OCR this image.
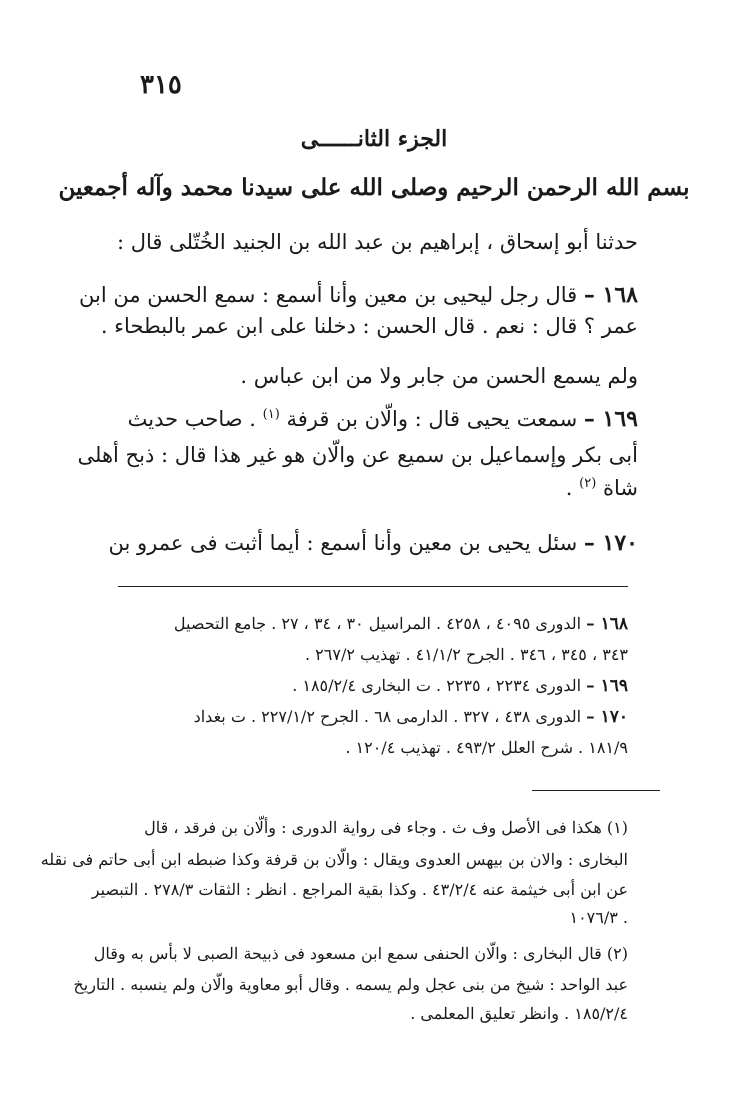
٣١٥
الجزء الثانــــــى
بسم الله الرحمن الرحيم وصلى الله على سيدنا محمد وآله أجمعين
حدثنا أبو إسحاق ، إبراهيم بن عبد الله بن الجنيد الخُتّلى قال :
١٦٨ – قال رجل ليحيى بن معين وأنا أسمع : سمع الحسن من ابن
عمر ؟ قال : نعم . قال الحسن : دخلنا على ابن عمر بالبطحاء .
ولم يسمع الحسن من جابر ولا من ابن عباس .
١٦٩ – سمعت يحيى قال : والّان بن قرفة $^{(١)}$ . صاحب حديث
أبى بكر وإسماعيل بن سميع عن والّان هو غير هذا قال : ذبح أهلى
شاة $^{(٢)}$ .
١٧٠ – سئل يحيى بن معين وأنا أسمع : أيما أثبت فى عمرو بن
١٦٨ – الدورى ٤٠٩٥ ، ٤٢٥٨ . المراسيل ٣٠ ، ٣٤ ، ٢٧ . جامع التحصيل
٣٤٣ ، ٣٤٥ ، ٣٤٦ . الجرح ٤١/١/٢ . تهذيب ٢٦٧/٢ .
١٦٩ – الدورى ٢٢٣٤ ، ٢٢٣٥ . ت البخارى ١٨٥/٢/٤ .
١٧٠ – الدورى ٤٣٨ ، ٣٢٧ . الدارمى ٦٨ . الجرح ٢٢٧/١/٢ . ت بغداد
١٨١/٩ . شرح العلل ٤٩٣/٢ . تهذيب ١٢٠/٤ .
(١) هكذا فى الأصل وف ث . وجاء فى رواية الدورى : وألّان بن فرقد ، قال
البخارى : والان بن بيهس العدوى ويقال : والّان بن قرفة وكذا ضبطه ابن أبى حاتم فى نقله
عن ابن أبى خيثمة عنه ٤٣/٢/٤ . وكذا بقية المراجع . انظر : الثقات ٢٧٨/٣ . التبصير
١٠٧٦/٣ .
(٢) قال البخارى : والّان الحنفى سمع ابن مسعود فى ذبيحة الصبى لا بأس به وقال
عبد الواحد : شيخ من بنى عجل ولم يسمه . وقال أبو معاوية والّان ولم ينسبه . التاريخ
١٨٥/٢/٤ . وانظر تعليق المعلمى .
